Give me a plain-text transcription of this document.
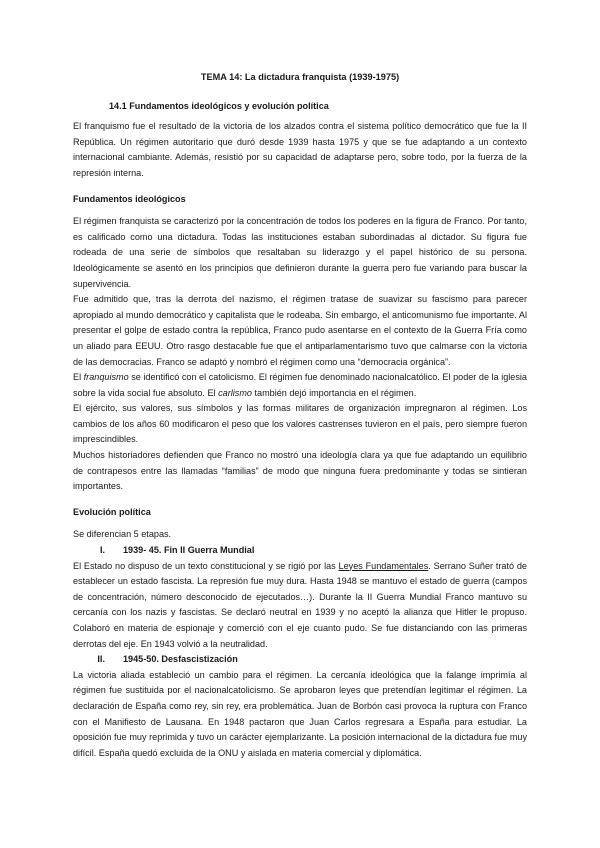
TEMA 14: La dictadura franquista (1939-1975)
14.1 Fundamentos ideológicos y evolución política

El franquismo fue el resultado de la victoria de los alzados contra el sistema político democrático que fue la II República. Un régimen autoritario que duró desde 1939 hasta 1975 y que se fue adaptando a un contexto internacional cambiante. Además, resistió por su capacidad de adaptarse pero, sobre todo, por la fuerza de la represión interna.

Fundamentos ideológicos

El régimen franquista se caracterizó por la concentración de todos los poderes en la figura de Franco. Por tanto, es calificado como una dictadura. Todas las instituciones estaban subordinadas al dictador. Su figura fue rodeada de una serie de símbolos que resaltaban su liderazgo y el papel histórico de su persona. Ideológicamente se asentó en los principios que definieron durante la guerra pero fue variando para buscar la supervivencia.

Fue admitido que, tras la derrota del nazismo, el régimen tratase de suavizar su fascismo para parecer apropiado al mundo democrático y capitalista que le rodeaba. Sin embargo, el anticomunismo fue importante. Al presentar el golpe de estado contra la república, Franco pudo asentarse en el contexto de la Guerra Fría como un aliado para EEUU. Otro rasgo destacable fue que el antiparlamentarismo tuvo que calmarse con la victoria de las democracias. Franco se adaptó y nombró el régimen como una “democracia orgánica”.

El franquismo se identificó con el catolicismo. El régimen fue denominado nacionalcatólico. El poder de la iglesia sobre la vida social fue absoluto. El carlismo también dejó importancia en el régimen.

El ejército, sus valores, sus símbolos y las formas militares de organización impregnaron al régimen. Los cambios de los años 60 modificaron el peso que los valores castrenses tuvieron en el país, pero siempre fueron imprescindibles.

Muchos historiadores defienden que Franco no mostró una ideología clara ya que fue adaptando un equilibrio de contrapesos entre las llamadas “familias” de modo que ninguna fuera predominante y todas se sintieran importantes.

Evolución política

Se diferencian 5 etapas.

I.	1939- 45. Fin II Guerra Mundial

El Estado no dispuso de un texto constitucional y se rigió por las Leyes Fundamentales. Serrano Suñer trató de establecer un estado fascista. La represión fue muy dura. Hasta 1948 se mantuvo el estado de guerra (campos de concentración, número desconocido de ejecutados…). Durante la II Guerra Mundial Franco mantuvo su cercanía con los nazis y fascistas. Se declaró neutral en 1939 y no aceptó la alianza que Hitler le propuso. Colaboró en materia de espionaje y comerció con el eje cuanto pudo. Se fue distanciando con las primeras derrotas del eje. En 1943 volvió a la neutralidad.

II.	1945-50. Desfascistización

La victoria aliada estableció un cambio para el régimen. La cercanía ideológica que la falange imprimía al régimen fue sustituida por el nacionalcatolicismo. Se aprobaron leyes que pretendían legitimar el régimen. La declaración de España como rey, sin rey, era problemática. Juan de Borbón casi provoca la ruptura con Franco con el Manifiesto de Lausana. En 1948 pactaron que Juan Carlos regresara a España para estudiar. La oposición fue muy reprimida y tuvo un carácter ejemplarizante. La posición internacional de la dictadura fue muy difícil. España quedó excluida de la ONU y aislada en materia comercial y diplomática.
